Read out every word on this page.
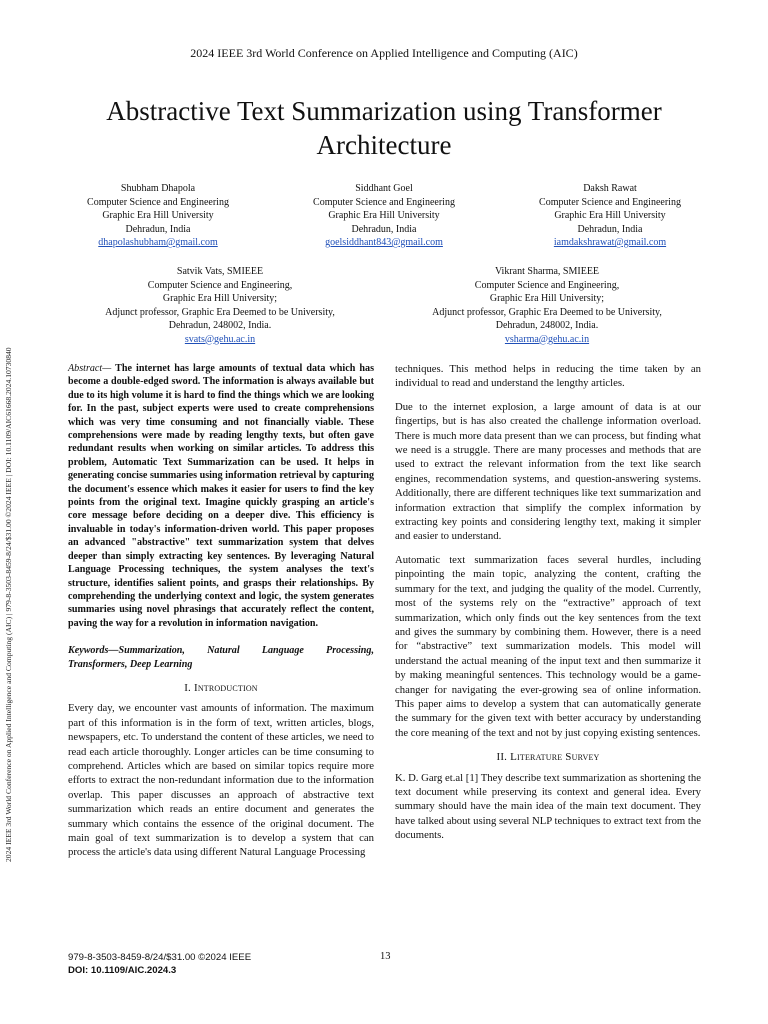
2024 IEEE 3rd World Conference on Applied Intelligence and Computing (AIC)
Abstractive Text Summarization using Transformer Architecture
2024 IEEE 3rd World Conference on Applied Intelligence and Computing (AIC) | 979-8-3503-8459-8/24/$31.00 ©2024 IEEE | DOI: 10.1109/AIC61668.2024.10730840
Shubham Dhapola
Computer Science and Engineering
Graphic Era Hill University
Dehradun, India
dhapolashubham@gmail.com
Siddhant Goel
Computer Science and Engineering
Graphic Era Hill University
Dehradun, India
goelsiddhant843@gmail.com
Daksh Rawat
Computer Science and Engineering
Graphic Era Hill University
Dehradun, India
iamdakshrawat@gmail.com
Satvik Vats, SMIEEE
Computer Science and Engineering,
Graphic Era Hill University;
Adjunct professor, Graphic Era Deemed to be University,
Dehradun, 248002, India.
svats@gehu.ac.in
Vikrant Sharma, SMIEEE
Computer Science and Engineering,
Graphic Era Hill University;
Adjunct professor, Graphic Era Deemed to be University,
Dehradun, 248002, India.
vsharma@gehu.ac.in

Abstract— The internet has large amounts of textual data which has become a double-edged sword. The information is always available but due to its high volume it is hard to find the things which we are looking for. In the past, subject experts were used to create comprehensions which was very time consuming and not financially viable. These comprehensions were made by reading lengthy texts, but often gave redundant results when working on similar articles. To address this problem, Automatic Text Summarization can be used. It helps in generating concise summaries using information retrieval by capturing the document's essence which makes it easier for users to find the key points from the original text. Imagine quickly grasping an article's core message before deciding on a deeper dive. This efficiency is invaluable in today's information-driven world. This paper proposes an advanced "abstractive" text summarization system that delves deeper than simply extracting key sentences. By leveraging Natural Language Processing techniques, the system analyses the text's structure, identifies salient points, and grasps their relationships. By comprehending the underlying context and logic, the system generates summaries using novel phrasings that accurately reflect the content, paving the way for a revolution in information navigation.

Keywords—Summarization, Natural Language Processing, Transformers, Deep Learning

I. Introduction

Every day, we encounter vast amounts of information. The maximum part of this information is in the form of text, written articles, blogs, newspapers, etc. To understand the content of these articles, we need to read each article thoroughly. Longer articles can be time consuming to comprehend. Articles which are based on similar topics require more efforts to extract the non-redundant information due to the information overlap. This paper discusses an approach of abstractive text summarization which reads an entire document and generates the summary which contains the essence of the original document. The main goal of text summarization is to develop a system that can process the article's data using different Natural Language Processing

techniques. This method helps in reducing the time taken by an individual to read and understand the lengthy articles.

Due to the internet explosion, a large amount of data is at our fingertips, but is has also created the challenge information overload. There is much more data present than we can process, but finding what we need is a struggle. There are many processes and methods that are used to extract the relevant information from the text like search engines, recommendation systems, and question-answering systems. Additionally, there are different techniques like text summarization and information extraction that simplify the complex information by extracting key points and considering lengthy text, making it simpler and easier to understand.

Automatic text summarization faces several hurdles, including pinpointing the main topic, analyzing the content, crafting the summary for the text, and judging the quality of the model. Currently, most of the systems rely on the “extractive” approach of text summarization, which only finds out the key sentences from the text and gives the summary by combining them. However, there is a need for “abstractive” text summarization models. This model will understand the actual meaning of the input text and then summarize it by making meaningful sentences. This technology would be a game-changer for navigating the ever-growing sea of online information. This paper aims to develop a system that can automatically generate the summary for the given text with better accuracy by understanding the core meaning of the text and not by just copying existing sentences.

II. Literature Survey

K. D. Garg et.al [1] They describe text summarization as shortening the text document while preserving its context and general idea. Every summary should have the main idea of the main text document. They have talked about using several NLP techniques to extract text from the documents.

979-8-3503-8459-8/24/$31.00 ©2024 IEEE
DOI: 10.1109/AIC.2024.3
13
